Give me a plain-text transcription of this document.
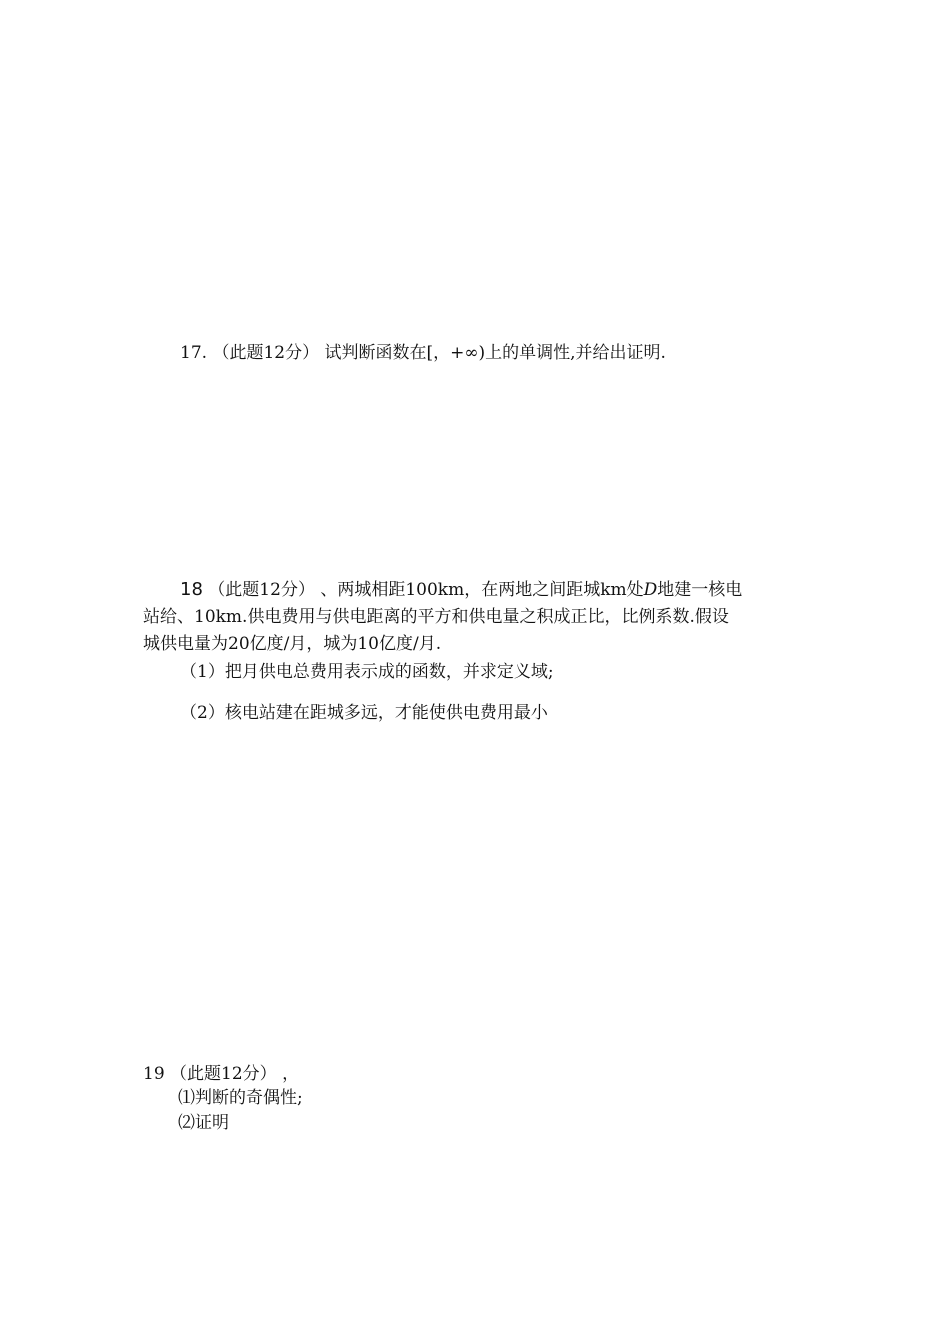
17. （此题12分） 试判断函数在[，+∞)上的单调性,并给出证明.
18 （此题12分） 、两城相距100km，在两地之间距城km处D地建一核电
站给、10km.供电费用与供电距离的平方和供电量之积成正比，比例系数.假设
城供电量为20亿度/月，城为10亿度/月.
（1）把月供电总费用表示成的函数，并求定义域;
（2）核电站建在距城多远，才能使供电费用最小
19 （此题12分） ，
⑴判断的奇偶性;
⑵证明
